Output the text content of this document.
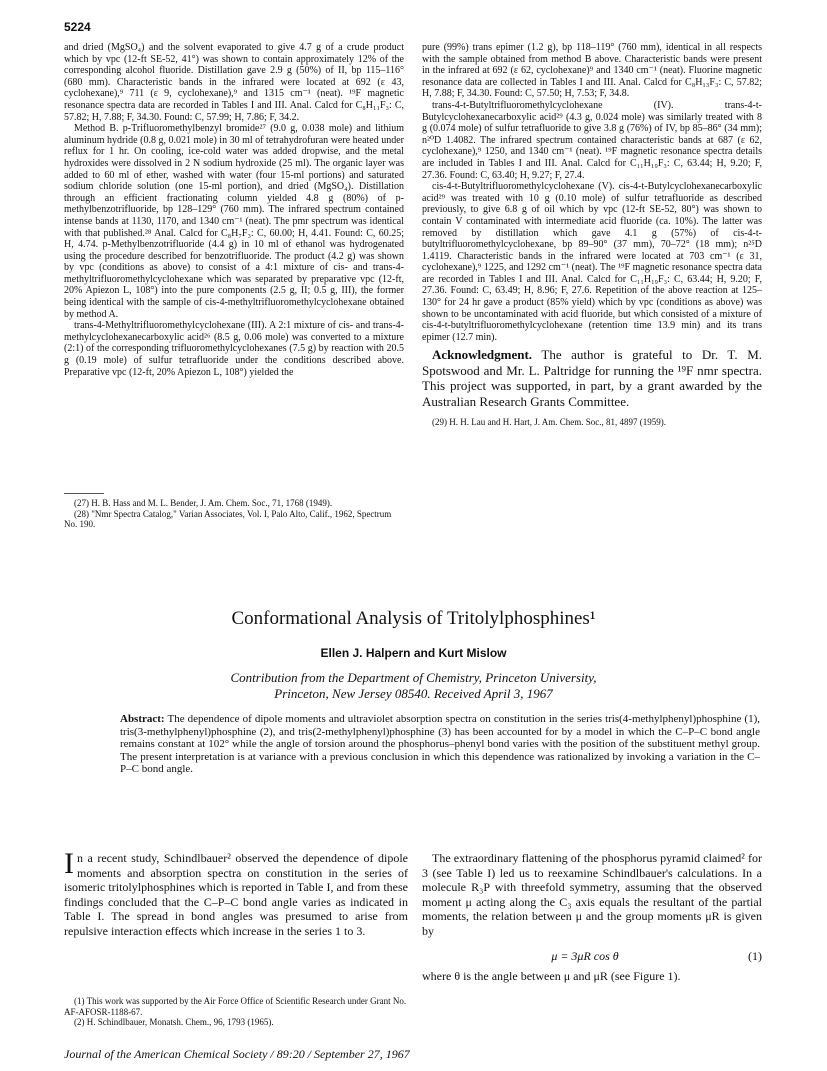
5224

and dried (MgSO₄) and the solvent evaporated to give 4.7 g of a crude product which by vpc (12-ft SE-52, 41°) was shown to contain approximately 12% of the corresponding alcohol fluoride. Distillation gave 2.9 g (50%) of II, bp 115–116° (680 mm). Characteristic bands in the infrared were located at 692 (ε 43, cyclohexane),⁹ 711 (ε 9, cyclohexane),⁹ and 1315 cm⁻¹ (neat). ¹⁹F magnetic resonance spectra data are recorded in Tables I and III. Anal. Calcd for C₈H₁₁F₃: C, 57.82; H, 7.88; F, 34.30. Found: C, 57.99; H, 7.86; F, 34.2.

Method B. p-Trifluoromethylbenzyl bromide²⁷ (9.0 g, 0.038 mole) and lithium aluminum hydride (0.8 g, 0.021 mole) in 30 ml of tetrahydrofuran were heated under reflux for 1 hr. On cooling, ice-cold water was added dropwise, and the metal hydroxides were dissolved in 2 N sodium hydroxide (25 ml). The organic layer was added to 60 ml of ether, washed with water (four 15-ml portions) and saturated sodium chloride solution (one 15-ml portion), and dried (MgSO₄). Distillation through an efficient fractionating column yielded 4.8 g (80%) of p-methylbenzotrifluoride, bp 128–129° (760 mm). The infrared spectrum contained intense bands at 1130, 1170, and 1340 cm⁻¹ (neat). The pmr spectrum was identical with that published.²⁸ Anal. Calcd for C₈H₇F₃: C, 60.00; H, 4.41. Found: C, 60.25; H, 4.74. p-Methylbenzotrifluoride (4.4 g) in 10 ml of ethanol was hydrogenated using the procedure described for benzotrifluoride. The product (4.2 g) was shown by vpc (conditions as above) to consist of a 4:1 mixture of cis- and trans-4-methyltrifluoromethylcyclohexane which was separated by preparative vpc (12-ft, 20% Apiezon L, 108°) into the pure components (2.5 g, II; 0.5 g, III), the former being identical with the sample of cis-4-methyltrifluoromethylcyclohexane obtained by method A.

trans-4-Methyltrifluoromethylcyclohexane (III). A 2:1 mixture of cis- and trans-4-methylcyclohexanecarboxylic acid²⁶ (8.5 g, 0.06 mole) was converted to a mixture (2:1) of the corresponding trifluoromethylcyclohexanes (7.5 g) by reaction with 20.5 g (0.19 mole) of sulfur tetrafluoride under the conditions described above. Preparative vpc (12-ft, 20% Apiezon L, 108°) yielded the

(27) H. B. Hass and M. L. Bender, J. Am. Chem. Soc., 71, 1768 (1949).
(28) "Nmr Spectra Catalog," Varian Associates, Vol. I, Palo Alto, Calif., 1962, Spectrum No. 190.

pure (99%) trans epimer (1.2 g), bp 118–119° (760 mm), identical in all respects with the sample obtained from method B above. Characteristic bands were present in the infrared at 692 (ε 62, cyclohexane)⁹ and 1340 cm⁻¹ (neat). Fluorine magnetic resonance data are collected in Tables I and III. Anal. Calcd for C₈H₁₃F₃: C, 57.82; H, 7.88; F, 34.30. Found: C, 57.50; H, 7.53; F, 34.8.

trans-4-t-Butyltrifluoromethylcyclohexane (IV). trans-4-t-Butylcyclohexanecarboxylic acid²⁹ (4.3 g, 0.024 mole) was similarly treated with 8 g (0.074 mole) of sulfur tetrafluoride to give 3.8 g (76%) of IV, bp 85–86° (34 mm); n²⁰D 1.4082. The infrared spectrum contained characteristic bands at 687 (ε 62, cyclohexane),⁹ 1250, and 1340 cm⁻¹ (neat). ¹⁹F magnetic resonance spectra details are included in Tables I and III. Anal. Calcd for C₁₁H₁₉F₃: C, 63.44; H, 9.20; F, 27.36. Found: C, 63.40; H, 9.27; F, 27.4.

cis-4-t-Butyltrifluoromethylcyclohexane (V). cis-4-t-Butylcyclohexanecarboxylic acid²⁹ was treated with 10 g (0.10 mole) of sulfur tetrafluoride as described previously, to give 6.8 g of oil which by vpc (12-ft SE-52, 80°) was shown to contain V contaminated with intermediate acid fluoride (ca. 10%). The latter was removed by distillation which gave 4.1 g (57%) of cis-4-t-butyltrifluoromethylcyclohexane, bp 89–90° (37 mm), 70–72° (18 mm); n²⁵D 1.4119. Characteristic bands in the infrared were located at 703 cm⁻¹ (ε 31, cyclohexane),⁹ 1225, and 1292 cm⁻¹ (neat). The ¹⁹F magnetic resonance spectra data are recorded in Tables I and III. Anal. Calcd for C₁₁H₁₉F₃: C, 63.44; H, 9.20; F, 27.36. Found: C, 63.49; H, 8.96; F, 27.6. Repetition of the above reaction at 125–130° for 24 hr gave a product (85% yield) which by vpc (conditions as above) was shown to be uncontaminated with acid fluoride, but which consisted of a mixture of cis-4-t-butyltrifluoromethylcyclohexane (retention time 13.9 min) and its trans epimer (12.7 min).

Acknowledgment. The author is grateful to Dr. T. M. Spotswood and Mr. L. Paltridge for running the ¹⁹F nmr spectra. This project was supported, in part, by a grant awarded by the Australian Research Grants Committee.

(29) H. H. Lau and H. Hart, J. Am. Chem. Soc., 81, 4897 (1959).

Conformational Analysis of Tritolylphosphines¹
Ellen J. Halpern and Kurt Mislow
Contribution from the Department of Chemistry, Princeton University,
Princeton, New Jersey 08540. Received April 3, 1967
Abstract: The dependence of dipole moments and ultraviolet absorption spectra on constitution in the series tris(4-methylphenyl)phosphine (1), tris(3-methylphenyl)phosphine (2), and tris(2-methylphenyl)phosphine (3) has been accounted for by a model in which the C–P–C bond angle remains constant at 102° while the angle of torsion around the phosphorus–phenyl bond varies with the position of the substituent methyl group. The present interpretation is at variance with a previous conclusion in which this dependence was rationalized by invoking a variation in the C–P–C bond angle.
In a recent study, Schindlbauer² observed the dependence of dipole moments and absorption spectra on constitution in the series of isomeric tritolylphosphines which is reported in Table I, and from these findings concluded that the C–P–C bond angle varies as indicated in Table I. The spread in bond angles was presumed to arise from repulsive interaction effects which increase in the series 1 to 3.
(1) This work was supported by the Air Force Office of Scientific Research under Grant No. AF-AFOSR-1188-67.
(2) H. Schindlbauer, Monatsh. Chem., 96, 1793 (1965).

The extraordinary flattening of the phosphorus pyramid claimed² for 3 (see Table I) led us to reexamine Schindlbauer's calculations. In a molecule R₃P with threefold symmetry, assuming that the observed moment μ acting along the C₃ axis equals the resultant of the partial moments, the relation between μ and the group moments μR is given by

μ = 3μR cos θ	(1)

where θ is the angle between μ and μR (see Figure 1).

Journal of the American Chemical Society / 89:20 / September 27, 1967
